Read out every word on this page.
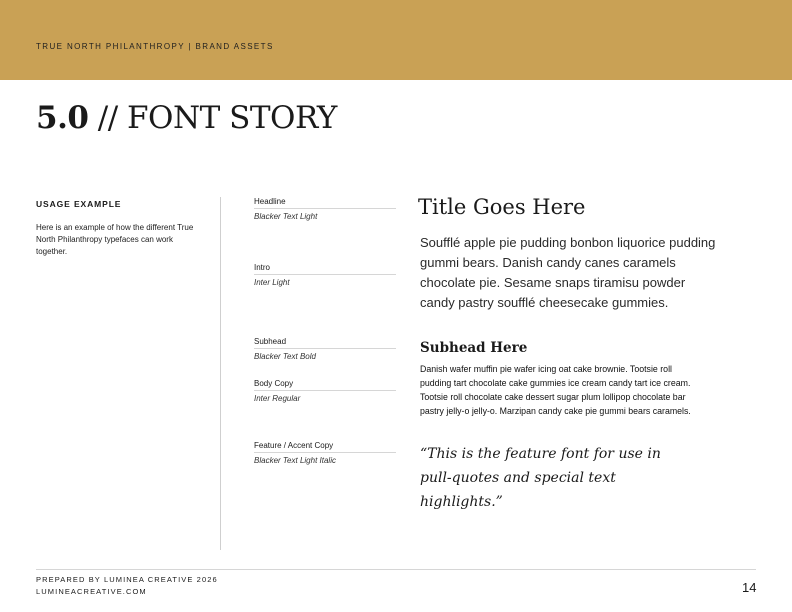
TRUE NORTH PHILANTHROPY | BRAND ASSETS
5.0 // FONT STORY
USAGE EXAMPLE
Here is an example of how the different True North Philanthropy typefaces can work together.
Headline
Blacker Text Light
Intro
Inter Light
Subhead
Blacker Text Bold
Body Copy
Inter Regular
Feature / Accent Copy
Blacker Text Light Italic
Title Goes Here
Soufflé apple pie pudding bonbon liquorice pudding gummi bears. Danish candy canes caramels chocolate pie. Sesame snaps tiramisu powder candy pastry soufflé cheesecake gummies.
Subhead Here
Danish wafer muffin pie wafer icing oat cake brownie. Tootsie roll pudding tart chocolate cake gummies ice cream candy tart ice cream. Tootsie roll chocolate cake dessert sugar plum lollipop chocolate bar pastry jelly-o jelly-o. Marzipan candy cake pie gummi bears caramels.
“This is the feature font for use in pull-quotes and special text highlights.”
PREPARED BY LUMINEA CREATIVE 2026
LUMINEACREATIVE.COM	14
